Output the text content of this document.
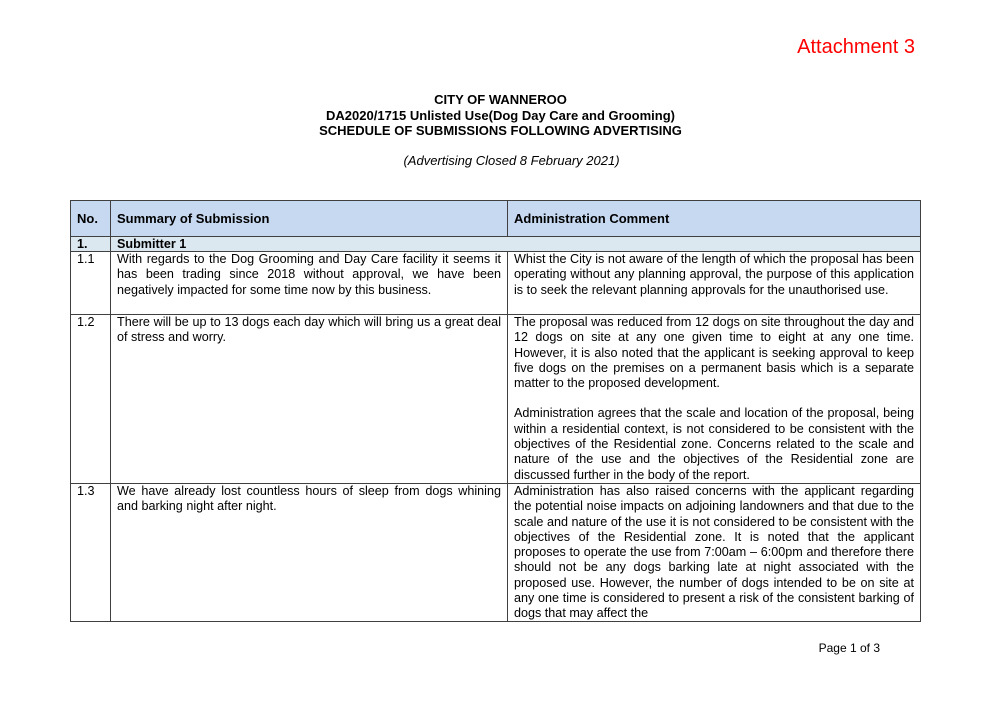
Attachment 3
CITY OF WANNEROO
DA2020/1715 Unlisted Use(Dog Day Care and Grooming)
SCHEDULE OF SUBMISSIONS FOLLOWING ADVERTISING
(Advertising Closed 8 February 2021)
No.	Summary of Submission	Administration Comment
1.	Submitter 1	
1.1	With regards to the Dog Grooming and Day Care facility it seems it has been trading since 2018 without approval, we have been negatively impacted for some time now by this business.	Whist the City is not aware of the length of which the proposal has been operating without any planning approval, the purpose of this application is to seek the relevant planning approvals for the unauthorised use.

1.2	There will be up to 13 dogs each day which will bring us a great deal of stress and worry.	The proposal was reduced from 12 dogs on site throughout the day and 12 dogs on site at any one given time to eight at any one time. However, it is also noted that the applicant is seeking approval to keep five dogs on the premises on a permanent basis which is a separate matter to the proposed development.

Administration agrees that the scale and location of the proposal, being within a residential context, is not considered to be consistent with the objectives of the Residential zone. Concerns related to the scale and nature of the use and the objectives of the Residential zone are discussed further in the body of the report.

1.3	We have already lost countless hours of sleep from dogs whining and barking night after night.	Administration has also raised concerns with the applicant regarding the potential noise impacts on adjoining landowners and that due to the scale and nature of the use it is not considered to be consistent with the objectives of the Residential zone. It is noted that the applicant proposes to operate the use from 7:00am – 6:00pm and therefore there should not be any dogs barking late at night associated with the proposed use. However, the number of dogs intended to be on site at any one time is considered to present a risk of the consistent barking of dogs that may affect the

Page 1 of 3
